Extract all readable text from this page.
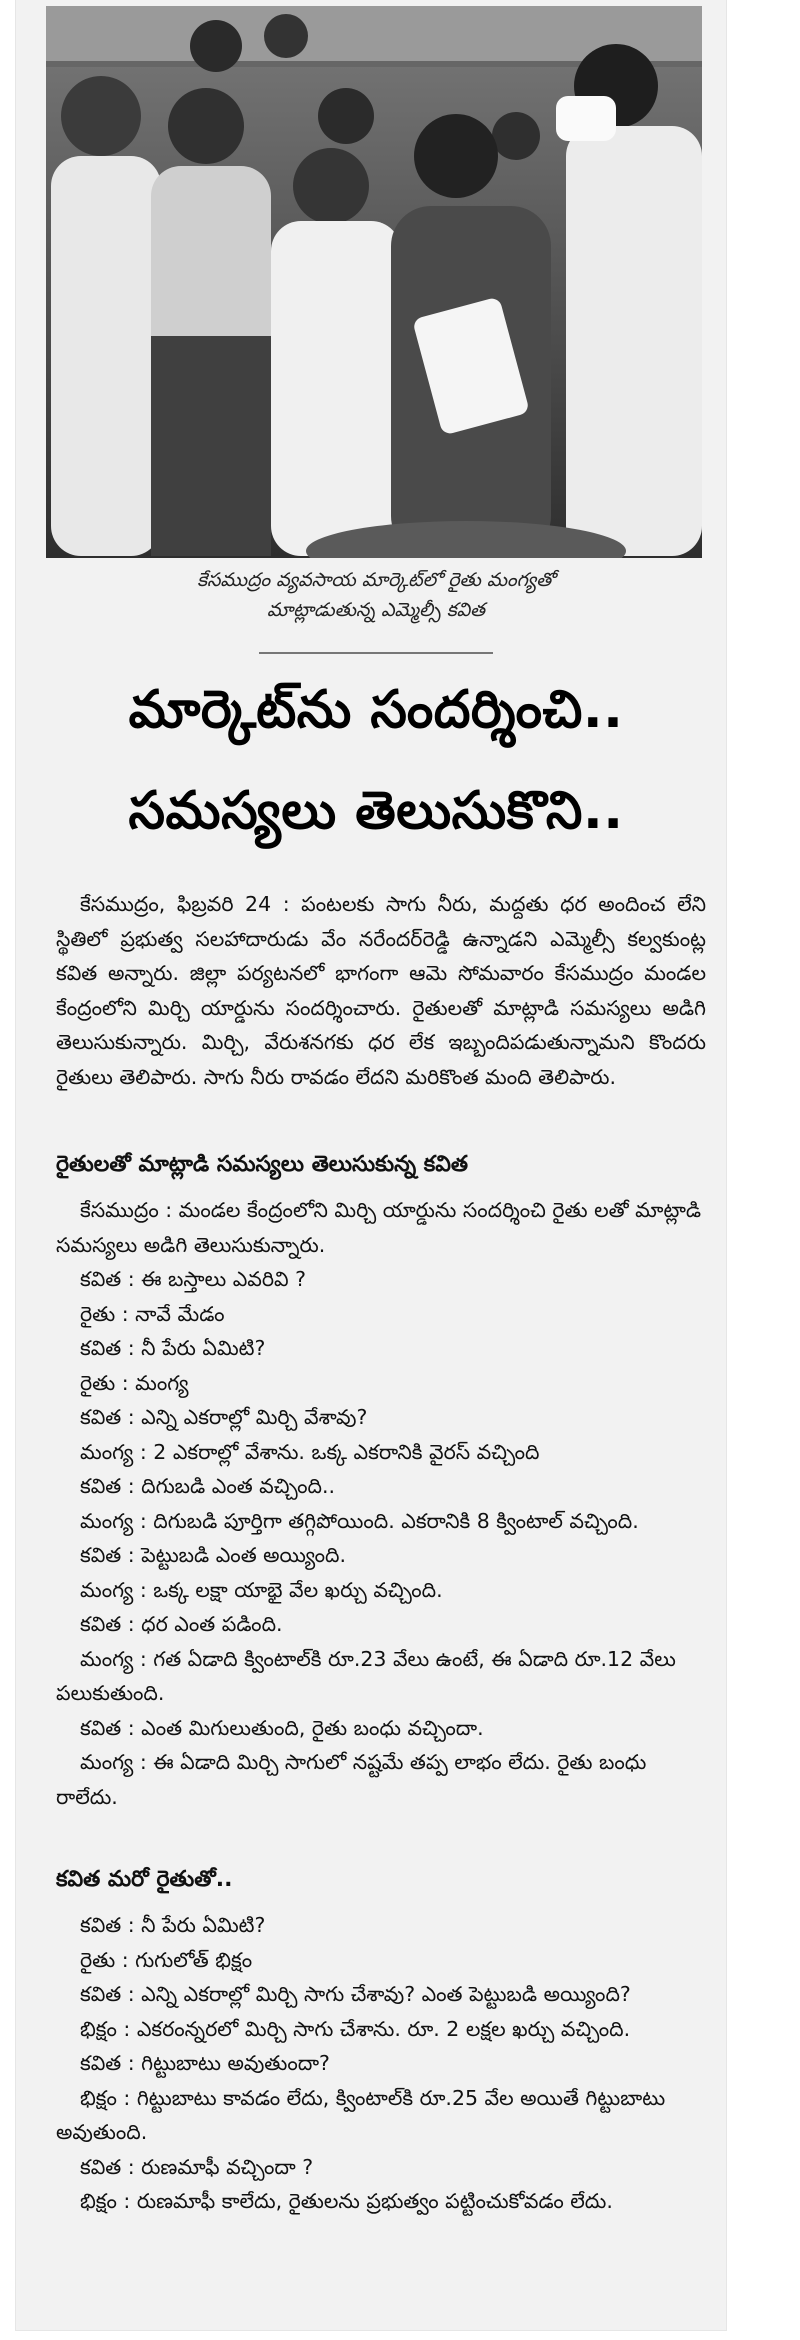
కేసముద్రం వ్యవసాయ మార్కెట్‌లో రైతు మంగ్యతో
మాట్లాడుతున్న ఎమ్మెల్సీ కవిత
మార్కెట్‌ను సందర్శించి..
సమస్యలు తెలుసుకొని..

కేసముద్రం, ఫిబ్రవరి 24 : పంటలకు సాగు నీరు, మద్దతు ధర అందించ లేని స్థితిలో ప్రభుత్వ సలహాదారుడు వేం నరేందర్‌రెడ్డి ఉన్నాడని ఎమ్మెల్సీ కల్వకుంట్ల కవిత అన్నారు. జిల్లా పర్యటనలో భాగంగా ఆమె సోమవారం కేసముద్రం మండల కేంద్రంలోని మిర్చి యార్డును సందర్శించారు. రైతులతో మాట్లాడి సమస్యలు అడిగి తెలుసుకున్నారు. మిర్చి, వేరుశనగకు ధర లేక ఇబ్బందిపడుతున్నామని కొందరు రైతులు తెలిపారు. సాగు నీరు రావడం లేదని మరికొంత మంది తెలిపారు.

రైతులతో మాట్లాడి సమస్యలు తెలుసుకున్న కవిత
కేసముద్రం : మండల కేంద్రంలోని మిర్చి యార్డును సందర్శించి రైతు లతో మాట్లాడి సమస్యలు అడిగి తెలుసుకున్నారు.
కవిత : ఈ బస్తాలు ఎవరివి ?
రైతు : నావే మేడం
కవిత : నీ పేరు ఏమిటి?
రైతు : మంగ్య
కవిత : ఎన్ని ఎకరాల్లో మిర్చి వేశావు?
మంగ్య : 2 ఎకరాల్లో వేశాను. ఒక్క ఎకరానికి వైరస్ వచ్చింది
కవిత : దిగుబడి ఎంత వచ్చింది..
మంగ్య : దిగుబడి పూర్తిగా తగ్గిపోయింది. ఎకరానికి 8 క్వింటాల్ వచ్చింది.
కవిత : పెట్టుబడి ఎంత అయ్యింది.
మంగ్య : ఒక్క లక్షా యాభై వేల ఖర్చు వచ్చింది.
కవిత : ధర ఎంత పడింది.
మంగ్య : గత ఏడాది క్వింటాల్‌కి రూ.23 వేలు ఉంటే, ఈ ఏడాది రూ.12 వేలు పలుకుతుంది.
కవిత : ఎంత మిగులుతుంది, రైతు బంధు వచ్చిందా.
మంగ్య : ఈ ఏడాది మిర్చి సాగులో నష్టమే తప్ప లాభం లేదు. రైతు బంధు రాలేదు.
కవిత మరో రైతుతో..
కవిత : నీ పేరు ఏమిటి?
రైతు : గుగులోత్ భిక్షం
కవిత : ఎన్ని ఎకరాల్లో మిర్చి సాగు చేశావు? ఎంత పెట్టుబడి అయ్యింది?
భిక్షం : ఎకరంన్నరలో మిర్చి సాగు చేశాను. రూ. 2 లక్షల ఖర్చు వచ్చింది.
కవిత : గిట్టుబాటు అవుతుందా?
భిక్షం : గిట్టుబాటు కావడం లేదు, క్వింటాల్‌కి రూ.25 వేల అయితే గిట్టుబాటు అవుతుంది.
కవిత : రుణమాఫీ వచ్చిందా ?
భిక్షం : రుణమాఫీ కాలేదు, రైతులను ప్రభుత్వం పట్టించుకోవడం లేదు.
